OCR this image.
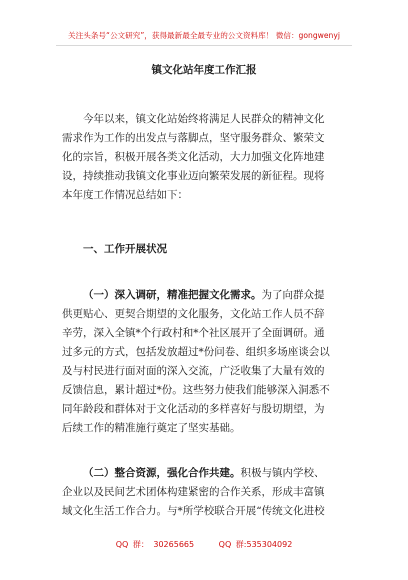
关注头条号“公文研究”，获得最新最全最专业的公文资料库！ 微信：gongwenyj
镇文化站年度工作汇报
今年以来，镇文化站始终将满足人民群众的精神文化
需求作为工作的出发点与落脚点，坚守服务群众、繁荣文
化的宗旨，积极开展各类文化活动，大力加强文化阵地建
设，持续推动我镇文化事业迈向繁荣发展的新征程。现将
本年度工作情况总结如下：
一、工作开展状况
（一）深入调研，精准把握文化需求。为了向群众提
供更贴心、更契合期望的文化服务，文化站工作人员不辞
辛劳，深入全镇*个行政村和*个社区展开了全面调研。通
过多元的方式，包括发放超过*份问卷、组织多场座谈会以
及与村民进行面对面的深入交流，广泛收集了大量有效的
反馈信息，累计超过*份。这些努力使我们能够深入洞悉不
同年龄段和群体对于文化活动的多样喜好与殷切期望，为
后续工作的精准施行奠定了坚实基础。
（二）整合资源，强化合作共建。积极与镇内学校、
企业以及民间艺术团体构建紧密的合作关系，形成丰富镇
域文化生活工作合力。与*所学校联合开展“传统文化进校
QQ 群： 30265665	QQ 群:535304092
